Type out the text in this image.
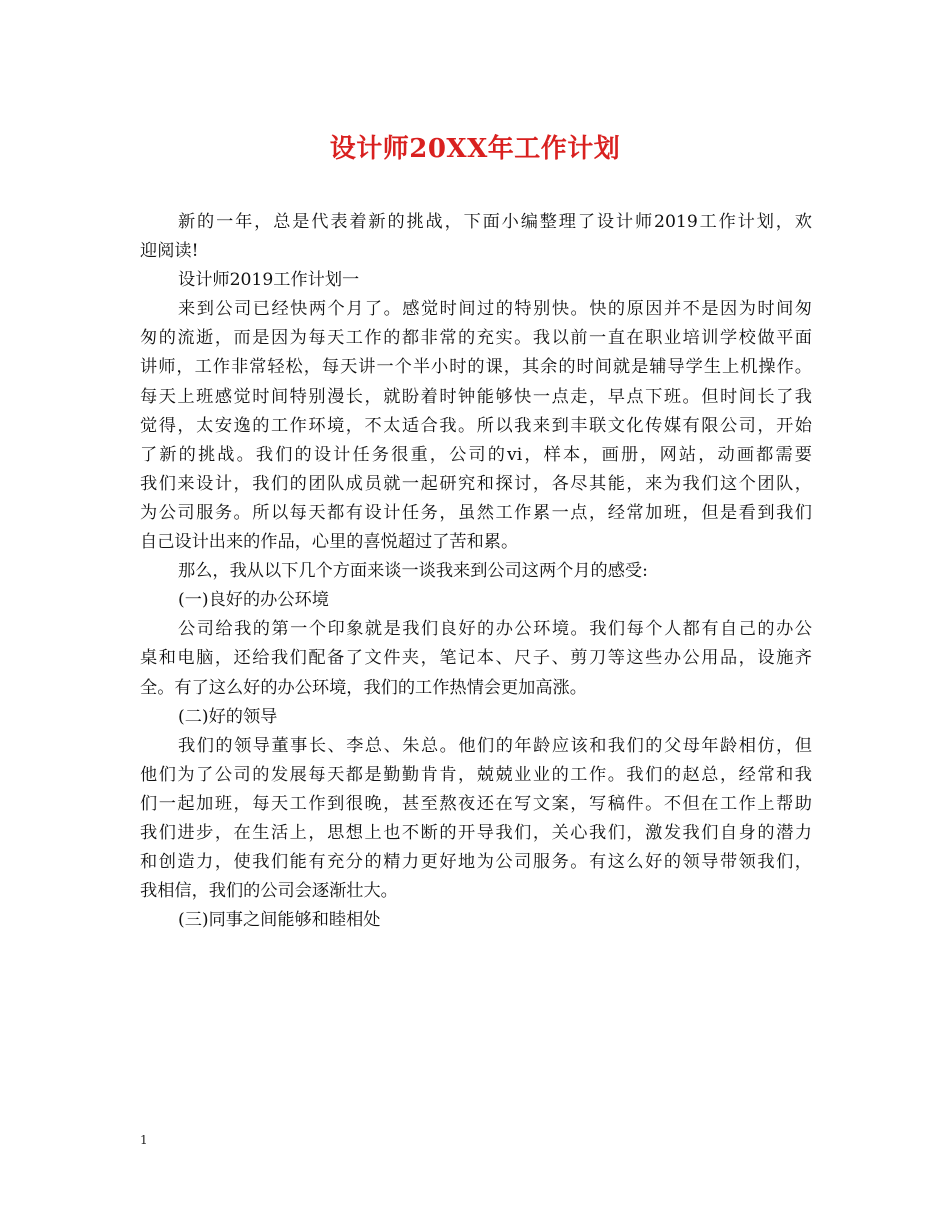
设计师20XX年工作计划
新的一年，总是代表着新的挑战，下面小编整理了设计师2019工作计划，欢
迎阅读!
设计师2019工作计划一
来到公司已经快两个月了。感觉时间过的特别快。快的原因并不是因为时间匆
匆的流逝，而是因为每天工作的都非常的充实。我以前一直在职业培训学校做平面
讲师，工作非常轻松，每天讲一个半小时的课，其余的时间就是辅导学生上机操作。
每天上班感觉时间特别漫长，就盼着时钟能够快一点走，早点下班。但时间长了我
觉得，太安逸的工作环境，不太适合我。所以我来到丰联文化传媒有限公司，开始
了新的挑战。我们的设计任务很重，公司的vi，样本，画册，网站，动画都需要
我们来设计，我们的团队成员就一起研究和探讨，各尽其能，来为我们这个团队，
为公司服务。所以每天都有设计任务，虽然工作累一点，经常加班，但是看到我们
自己设计出来的作品，心里的喜悦超过了苦和累。
那么，我从以下几个方面来谈一谈我来到公司这两个月的感受:
(一)良好的办公环境
公司给我的第一个印象就是我们良好的办公环境。我们每个人都有自己的办公
桌和电脑，还给我们配备了文件夹，笔记本、尺子、剪刀等这些办公用品，设施齐
全。有了这么好的办公环境，我们的工作热情会更加高涨。
(二)好的领导
我们的领导董事长、李总、朱总。他们的年龄应该和我们的父母年龄相仿，但
他们为了公司的发展每天都是勤勤肯肯，兢兢业业的工作。我们的赵总，经常和我
们一起加班，每天工作到很晚，甚至熬夜还在写文案，写稿件。不但在工作上帮助
我们进步，在生活上，思想上也不断的开导我们，关心我们，激发我们自身的潜力
和创造力，使我们能有充分的精力更好地为公司服务。有这么好的领导带领我们，
我相信，我们的公司会逐渐壮大。
(三)同事之间能够和睦相处
1
